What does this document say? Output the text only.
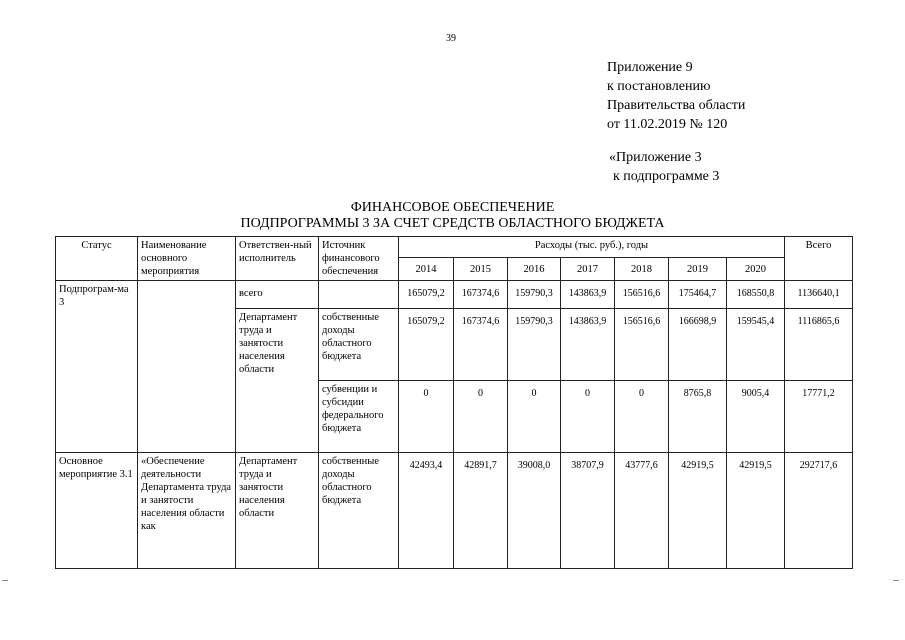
39
Приложение 9
к постановлению
Правительства области
от 11.02.2019 № 120
«Приложение 3
к подпрограмме 3
ФИНАНСОВОЕ ОБЕСПЕЧЕНИЕ
ПОДПРОГРАММЫ 3 ЗА СЧЕТ СРЕДСТВ ОБЛАСТНОГО БЮДЖЕТА
Статус	Наименование основного мероприятия	Ответствен-ный исполнитель	Источник финансового обеспечения	Расходы (тыс. руб.), годы							Всего
				2014	2015	2016	2017	2018	2019	2020	
Подпрограм-ма 3		всего		165079,2	167374,6	159790,3	143863,9	156516,6	175464,7	168550,8	1136640,1
		Департамент труда и занятости населения области	собственные доходы областного бюджета	165079,2	167374,6	159790,3	143863,9	156516,6	166698,9	159545,4	1116865,6
			субвенции и субсидии федерального бюджета	0	0	0	0	0	8765,8	9005,4	17771,2
Основное мероприятие 3.1	«Обеспечение деятельности Департамента труда и занятости населения области как	Департамент труда и занятости населения области	собственные доходы областного бюджета	42493,4	42891,7	39008,0	38707,9	43777,6	42919,5	42919,5	292717,6
